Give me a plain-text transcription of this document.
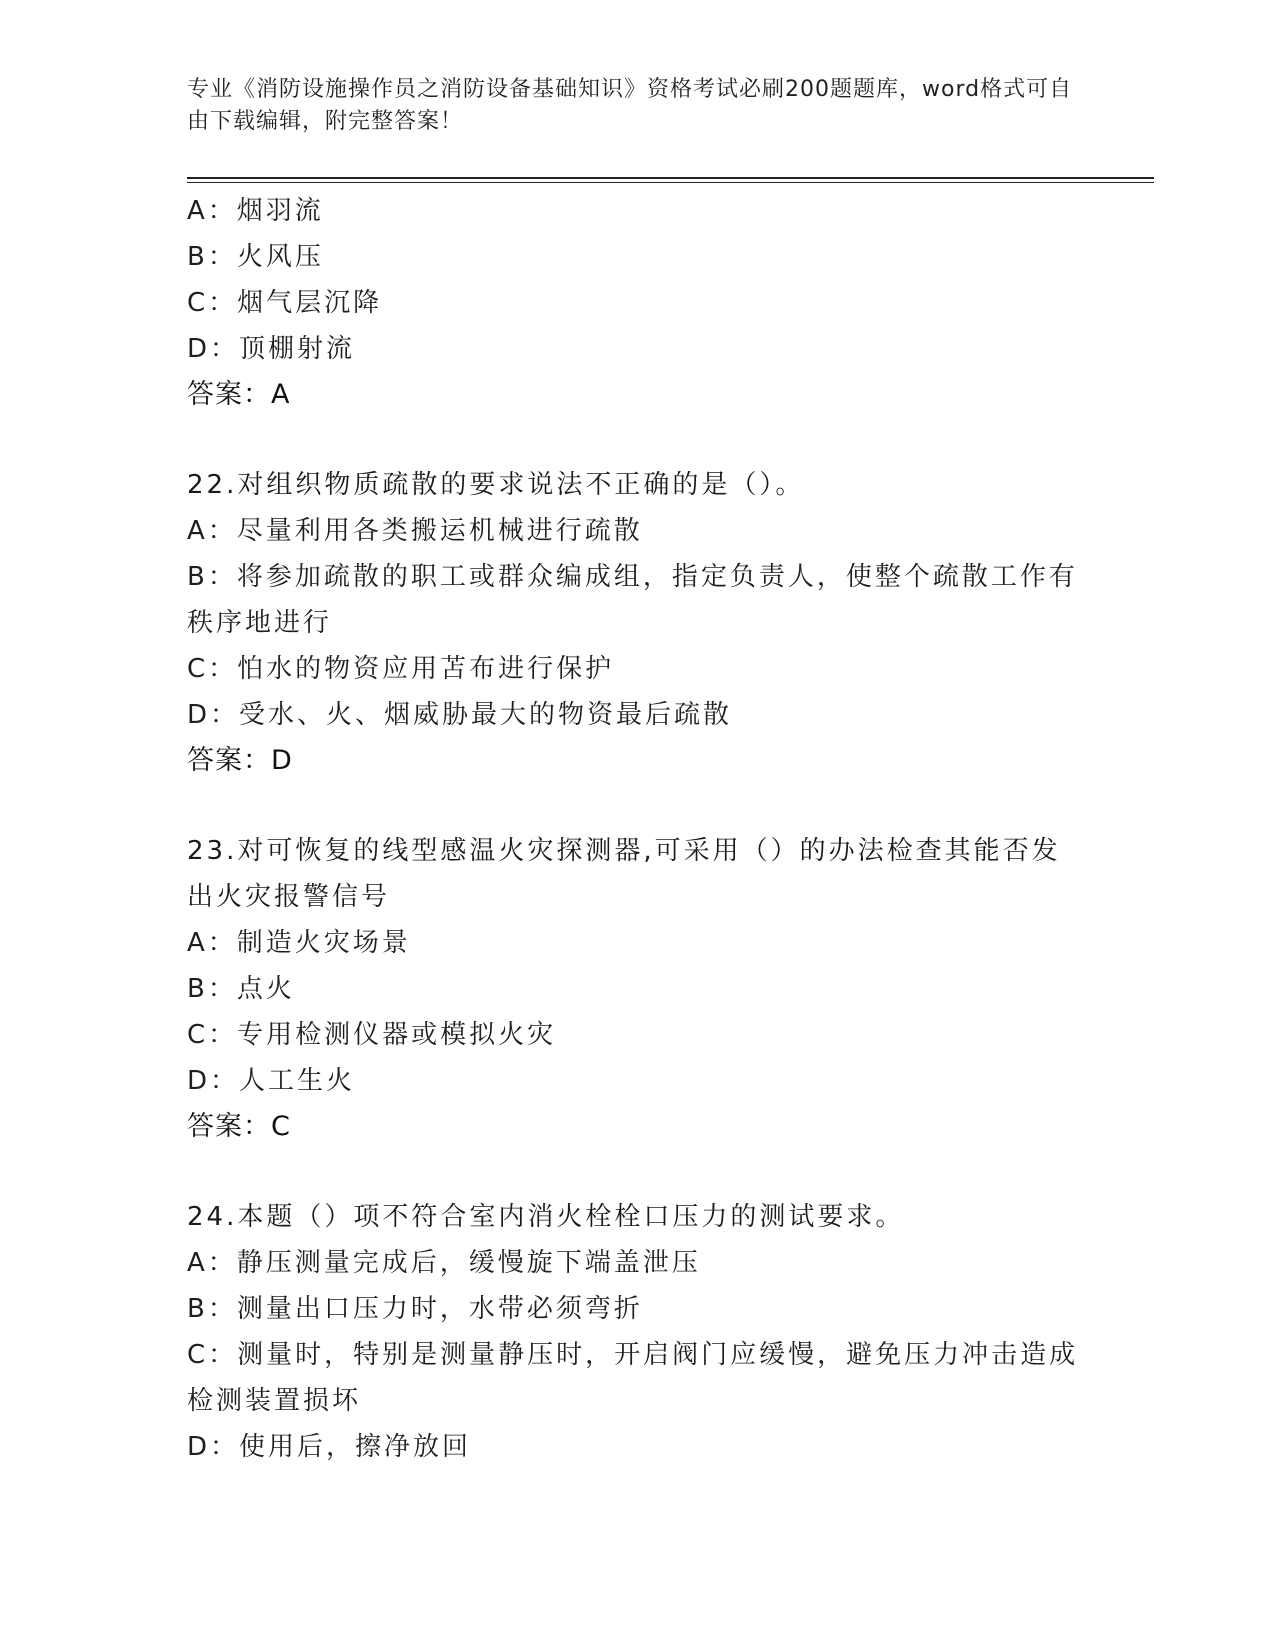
专业《消防设施操作员之消防设备基础知识》资格考试必刷200题题库，word格式可自由下载编辑，附完整答案！
A：烟羽流
B：火风压
C：烟气层沉降
D：顶棚射流
答案：A
22.对组织物质疏散的要求说法不正确的是（）。
A：尽量利用各类搬运机械进行疏散
B：将参加疏散的职工或群众编成组，指定负责人，使整个疏散工作有秩序地进行
C：怕水的物资应用苫布进行保护
D：受水、火、烟威胁最大的物资最后疏散
答案：D
23.对可恢复的线型感温火灾探测器,可采用（）的办法检查其能否发出火灾报警信号
A：制造火灾场景
B：点火
C：专用检测仪器或模拟火灾
D：人工生火
答案：C
24.本题（）项不符合室内消火栓栓口压力的测试要求。
A：静压测量完成后，缓慢旋下端盖泄压
B：测量出口压力时，水带必须弯折
C：测量时，特别是测量静压时，开启阀门应缓慢，避免压力冲击造成检测装置损坏
D：使用后，擦净放回
